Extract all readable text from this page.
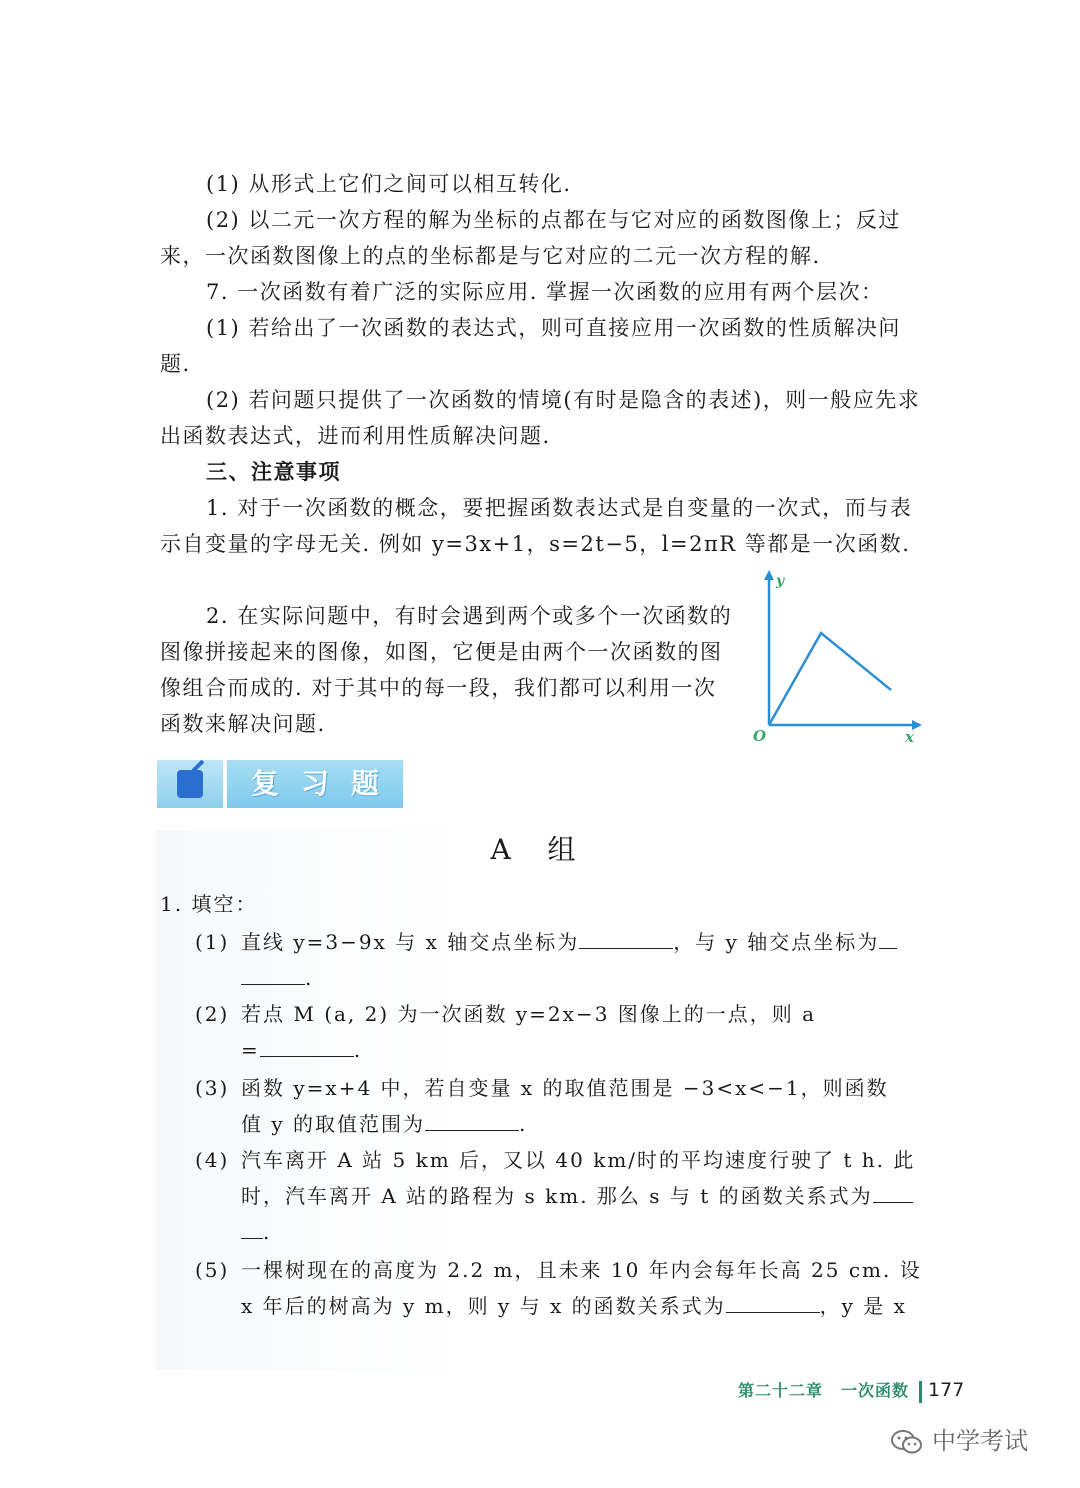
(1) 从形式上它们之间可以相互转化.
(2) 以二元一次方程的解为坐标的点都在与它对应的函数图像上；反过来，一次函数图像上的点的坐标都是与它对应的二元一次方程的解.
7. 一次函数有着广泛的实际应用. 掌握一次函数的应用有两个层次：
(1) 若给出了一次函数的表达式，则可直接应用一次函数的性质解决问题.
(2) 若问题只提供了一次函数的情境(有时是隐含的表述)，则一般应先求出函数表达式，进而利用性质解决问题.
三、注意事项
1. 对于一次函数的概念，要把握函数表达式是自变量的一次式，而与表示自变量的字母无关. 例如 y=3x+1，s=2t−5，l=2πR 等都是一次函数.
2. 在实际问题中，有时会遇到两个或多个一次函数的图像拼接起来的图像，如图，它便是由两个一次函数的图像组合而成的. 对于其中的每一段，我们都可以利用一次函数来解决问题.
y
x
O
复习题
A 组
1. 填空：
(1) 直线 y=3−9x 与 x 轴交点坐标为	，与 y 轴交点坐标为
.
(2) 若点 M (a, 2) 为一次函数 y=2x−3 图像上的一点，则 a
=	.
(3) 函数 y=x+4 中，若自变量 x 的取值范围是 −3<x<−1，则函数
值 y 的取值范围为	.
(4) 汽车离开 A 站 5 km 后，又以 40 km/时的平均速度行驶了 t h. 此
时，汽车离开 A 站的路程为 s km. 那么 s 与 t 的函数关系式为
.
(5) 一棵树现在的高度为 2.2 m，且未来 10 年内会每年长高 25 cm. 设
x 年后的树高为 y m，则 y 与 x 的函数关系式为	，y 是 x
第二十二章 一次函数 177
中学考试
